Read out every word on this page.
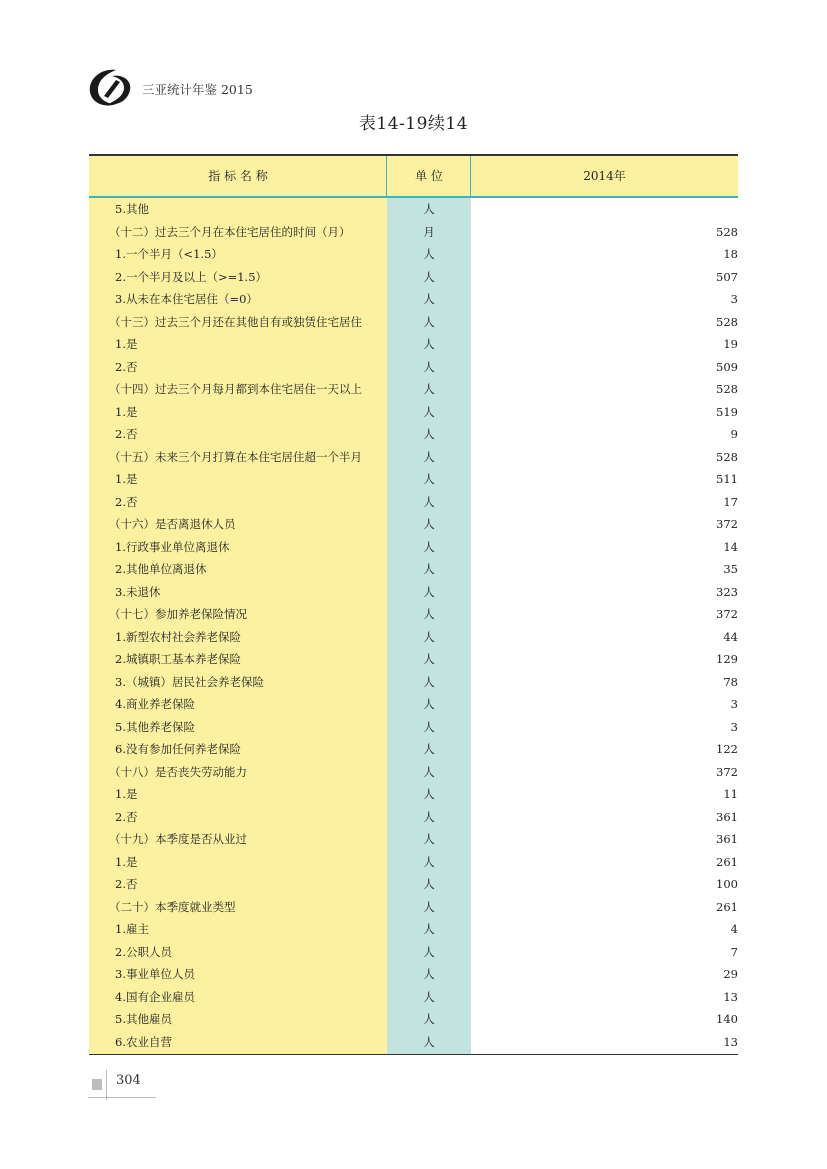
三亚统计年鉴 2015
表14-19续14
指 标 名 称	单 位	2014年
5.其他	人
（十二）过去三个月在本住宅居住的时间（月）	月	528
1.一个半月（<1.5）	人	18
2.一个半月及以上（>=1.5）	人	507
3.从未在本住宅居住（=0）	人	3
（十三）过去三个月还在其他自有或独赁住宅居住	人	528
1.是	人	19
2.否	人	509
（十四）过去三个月每月都到本住宅居住一天以上	人	528
1.是	人	519
2.否	人	9
（十五）未来三个月打算在本住宅居住超一个半月	人	528
1.是	人	511
2.否	人	17
（十六）是否离退休人员	人	372
1.行政事业单位离退休	人	14
2.其他单位离退休	人	35
3.未退休	人	323
（十七）参加养老保险情况	人	372
1.新型农村社会养老保险	人	44
2.城镇职工基本养老保险	人	129
3.（城镇）居民社会养老保险	人	78
4.商业养老保险	人	3
5.其他养老保险	人	3
6.没有参加任何养老保险	人	122
（十八）是否丧失劳动能力	人	372
1.是	人	11
2.否	人	361
（十九）本季度是否从业过	人	361
1.是	人	261
2.否	人	100
（二十）本季度就业类型	人	261
1.雇主	人	4
2.公职人员	人	7
3.事业单位人员	人	29
4.国有企业雇员	人	13
5.其他雇员	人	140
6.农业自营	人	13
304
